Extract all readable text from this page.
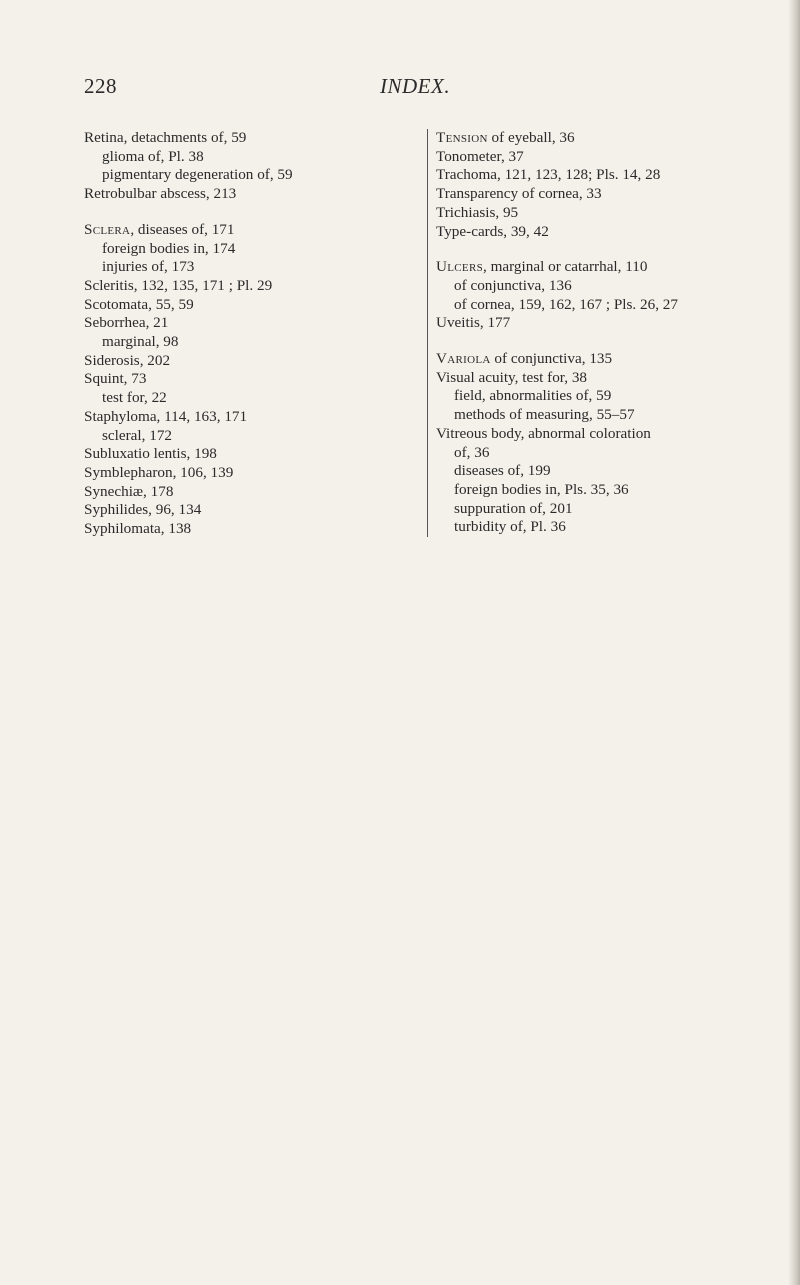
228	INDEX.
Retina, detachments of, 59
glioma of, Pl. 38
pigmentary degeneration of, 59
Retrobulbar abscess, 213
Sclera, diseases of, 171
foreign bodies in, 174
injuries of, 173
Scleritis, 132, 135, 171 ; Pl. 29
Scotomata, 55, 59
Seborrhea, 21
marginal, 98
Siderosis, 202
Squint, 73
test for, 22
Staphyloma, 114, 163, 171
scleral, 172
Subluxatio lentis, 198
Symblepharon, 106, 139
Synechiæ, 178
Syphilides, 96, 134
Syphilomata, 138
Tension of eyeball, 36
Tonometer, 37
Trachoma, 121, 123, 128; Pls. 14, 28
Transparency of cornea, 33
Trichiasis, 95
Type-cards, 39, 42
Ulcers, marginal or catarrhal, 110
of conjunctiva, 136
of cornea, 159, 162, 167 ; Pls. 26, 27
Uveitis, 177
Variola of conjunctiva, 135
Visual acuity, test for, 38
field, abnormalities of, 59
methods of measuring, 55–57
Vitreous body, abnormal coloration
of, 36
diseases of, 199
foreign bodies in, Pls. 35, 36
suppuration of, 201
turbidity of, Pl. 36
